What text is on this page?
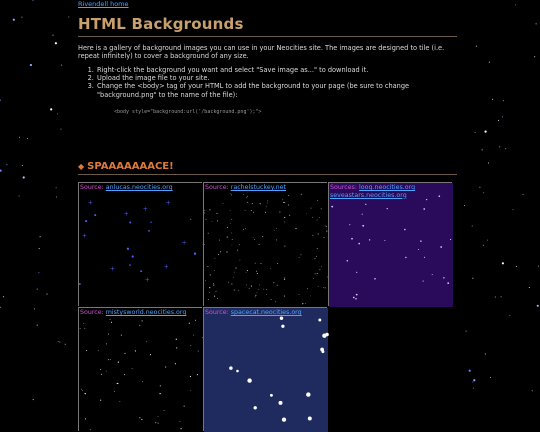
Rivendell home
HTML Backgrounds

Here is a gallery of background images you can use in your Neocities site. The images are designed to tile (i.e. repeat infinitely) to cover a background of any size.

1. Right-click the background you want and select "Save image as..." to download it.
2. Upload the image file to your site.
3. Change the <body> tag of your HTML to add the background to your page (be sure to change "background.png" to the name of the file):
<body style="background:url('/background.png');">
◆ SPAAAAAAACE!
+
+
+
+
+
+
+
+
+
Source: anlucas.neocities.org	Source: rachelstuckey.net	Sources: loog.neocities.org
seveastars.neocities.org
Source: mistysworld.neocities.org	Source: spacecat.neocities.org
